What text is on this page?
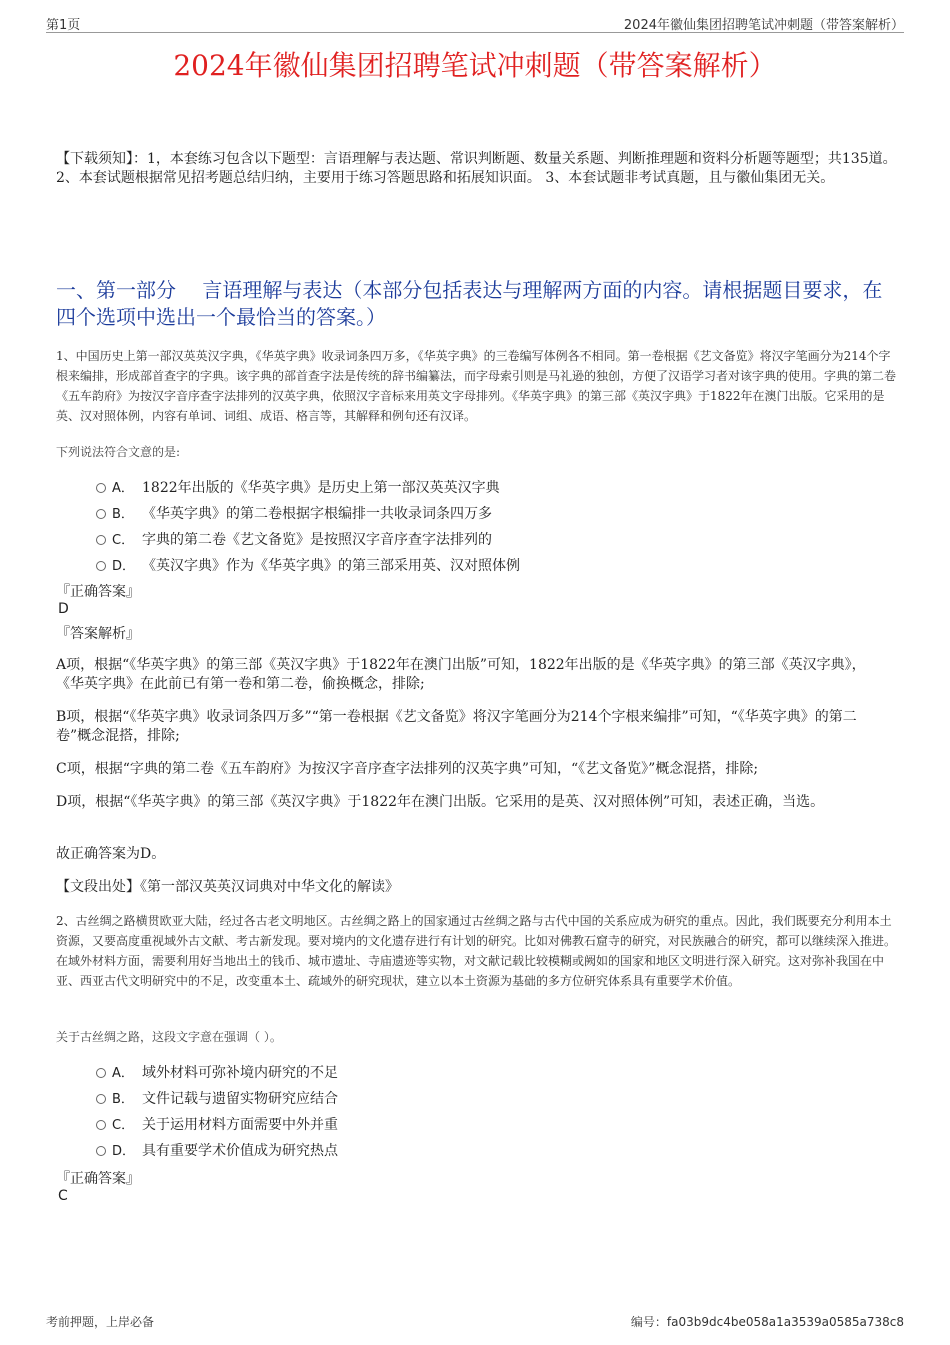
第1页	2024年徽仙集团招聘笔试冲刺题（带答案解析）
2024年徽仙集团招聘笔试冲刺题（带答案解析）
【下载须知】：1，本套练习包含以下题型：言语理解与表达题、常识判断题、数量关系题、判断推理题和资料分析题等题型；共135道。 2、本套试题根据常见招考题总结归纳，主要用于练习答题思路和拓展知识面。 3、本套试题非考试真题，且与徽仙集团无关。
一、第一部分　 言语理解与表达（本部分包括表达与理解两方面的内容。请根据题目要求，在四个选项中选出一个最恰当的答案。）
1、中国历史上第一部汉英英汉字典，《华英字典》收录词条四万多，《华英字典》的三卷编写体例各不相同。第一卷根据《艺文备览》将汉字笔画分为214个字根来编排，形成部首查字的字典。该字典的部首查字法是传统的辞书编纂法，而字母索引则是马礼逊的独创，方便了汉语学习者对该字典的使用。字典的第二卷《五车韵府》为按汉字音序查字法排列的汉英字典，依照汉字音标来用英文字母排列。《华英字典》的第三部《英汉字典》于1822年在澳门出版。它采用的是英、汉对照体例，内容有单词、词组、成语、格言等，其解释和例句还有汉译。
下列说法符合文意的是:
A． 1822年出版的《华英字典》是历史上第一部汉英英汉字典
B． 《华英字典》的第二卷根据字根编排一共收录词条四万多
C． 字典的第二卷《艺文备览》是按照汉字音序查字法排列的
D． 《英汉字典》作为《华英字典》的第三部采用英、汉对照体例
『正确答案』
D
『答案解析』
A项，根据“《华英字典》的第三部《英汉字典》于1822年在澳门出版”可知，1822年出版的是《华英字典》的第三部《英汉字典》，《华英字典》在此前已有第一卷和第二卷，偷换概念，排除;
B项，根据“《华英字典》收录词条四万多”“第一卷根据《艺文备览》将汉字笔画分为214个字根来编排”可知，“《华英字典》的第二卷”概念混搭，排除;
C项，根据“字典的第二卷《五车韵府》为按汉字音序查字法排列的汉英字典”可知，“《艺文备览》”概念混搭，排除;
D项，根据“《华英字典》的第三部《英汉字典》于1822年在澳门出版。它采用的是英、汉对照体例”可知，表述正确，当选。
故正确答案为D。
【文段出处】《第一部汉英英汉词典对中华文化的解读》
2、古丝绸之路横贯欧亚大陆，经过各古老文明地区。古丝绸之路上的国家通过古丝绸之路与古代中国的关系应成为研究的重点。因此，我们既要充分利用本土资源，又要高度重视域外古文献、考古新发现。要对境内的文化遗存进行有计划的研究。比如对佛教石窟寺的研究，对民族融合的研究，都可以继续深入推进。在域外材料方面，需要利用好当地出土的钱币、城市遗址、寺庙遗迹等实物，对文献记载比较模糊或阙如的国家和地区文明进行深入研究。这对弥补我国在中亚、西亚古代文明研究中的不足，改变重本土、疏域外的研究现状，建立以本土资源为基础的多方位研究体系具有重要学术价值。
关于古丝绸之路，这段文字意在强调（ ）。
A． 域外材料可弥补境内研究的不足
B． 文件记载与遗留实物研究应结合
C． 关于运用材料方面需要中外并重
D． 具有重要学术价值成为研究热点
『正确答案』
C
考前押题，上岸必备	编号：fa03b9dc4be058a1a3539a0585a738c8
